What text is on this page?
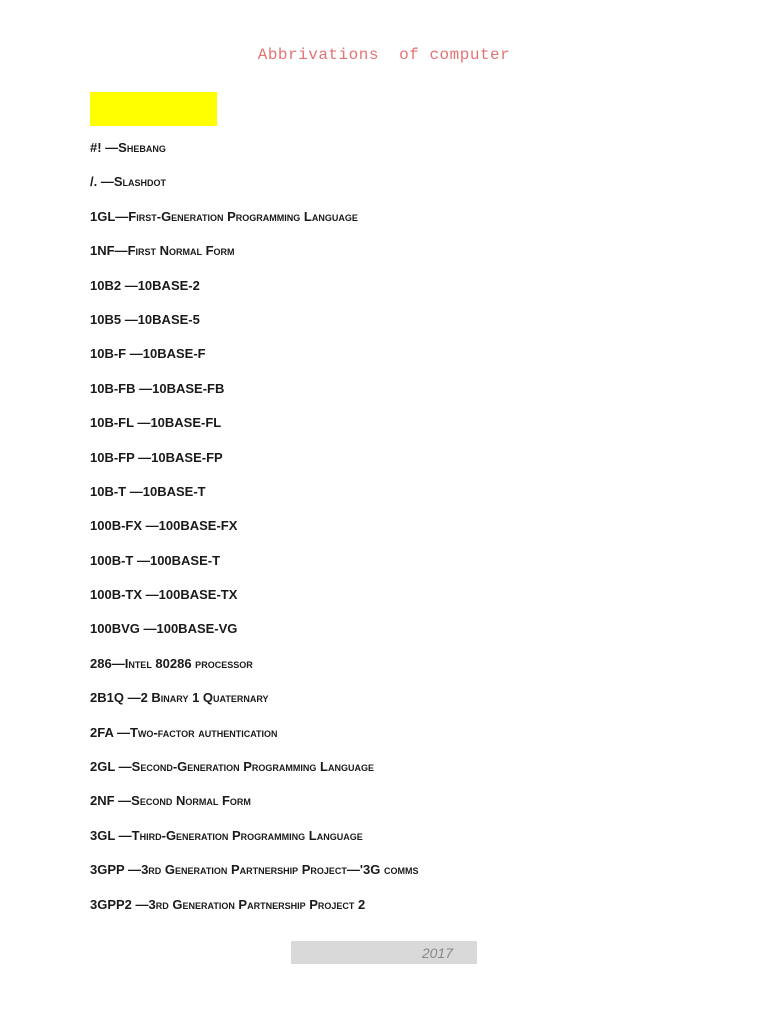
Abbrivations  of computer
#! —Shebang
/. —Slashdot
1GL—First-Generation Programming Language
1NF—First Normal Form
10B2 —10BASE-2
10B5 —10BASE-5
10B-F —10BASE-F
10B-FB —10BASE-FB
10B-FL —10BASE-FL
10B-FP —10BASE-FP
10B-T —10BASE-T
100B-FX —100BASE-FX
100B-T —100BASE-T
100B-TX —100BASE-TX
100BVG —100BASE-VG
286—Intel 80286 processor
2B1Q —2 Binary 1 Quaternary
2FA —Two-factor authentication
2GL —Second-Generation Programming Language
2NF —Second Normal Form
3GL —Third-Generation Programming Language
3GPP —3rd Generation Partnership Project—'3G comms
3GPP2 —3rd Generation Partnership Project 2
2017
